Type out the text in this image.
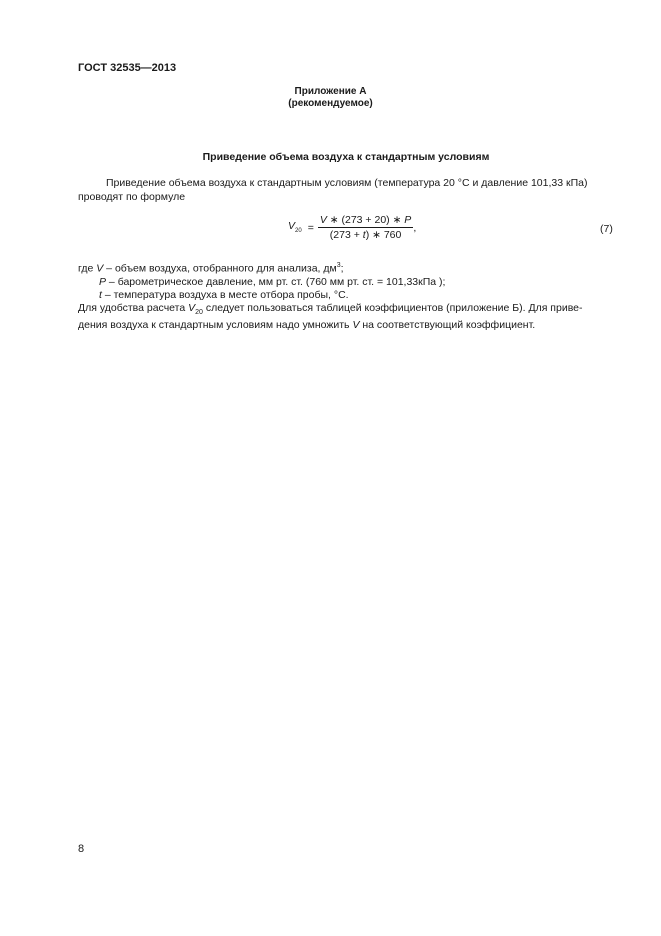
ГОСТ 32535—2013
Приложение А
(рекомендуемое)
Приведение объема воздуха к стандартным условиям
Приведение объема воздуха к стандартным условиям (температура 20 °С и давление 101,33 кПа)
проводят по формуле
$V_{20} = \frac{V ∗ (273 + 20) ∗ P}{(273 + t) ∗ 760}$ ,	(7)
где V – объем воздуха, отобранного для анализа, $дм^3$;
P – барометрическое давление, мм рт. ст. (760 мм рт. ст. = 101,33кПа );
t – температура воздуха в месте отбора пробы, °С.
Для удобства расчета $V_{20}$ следует пользоваться таблицей коэффициентов (приложение Б). Для приве-
дения воздуха к стандартным условиям надо умножить V на соответствующий коэффициент.
8
